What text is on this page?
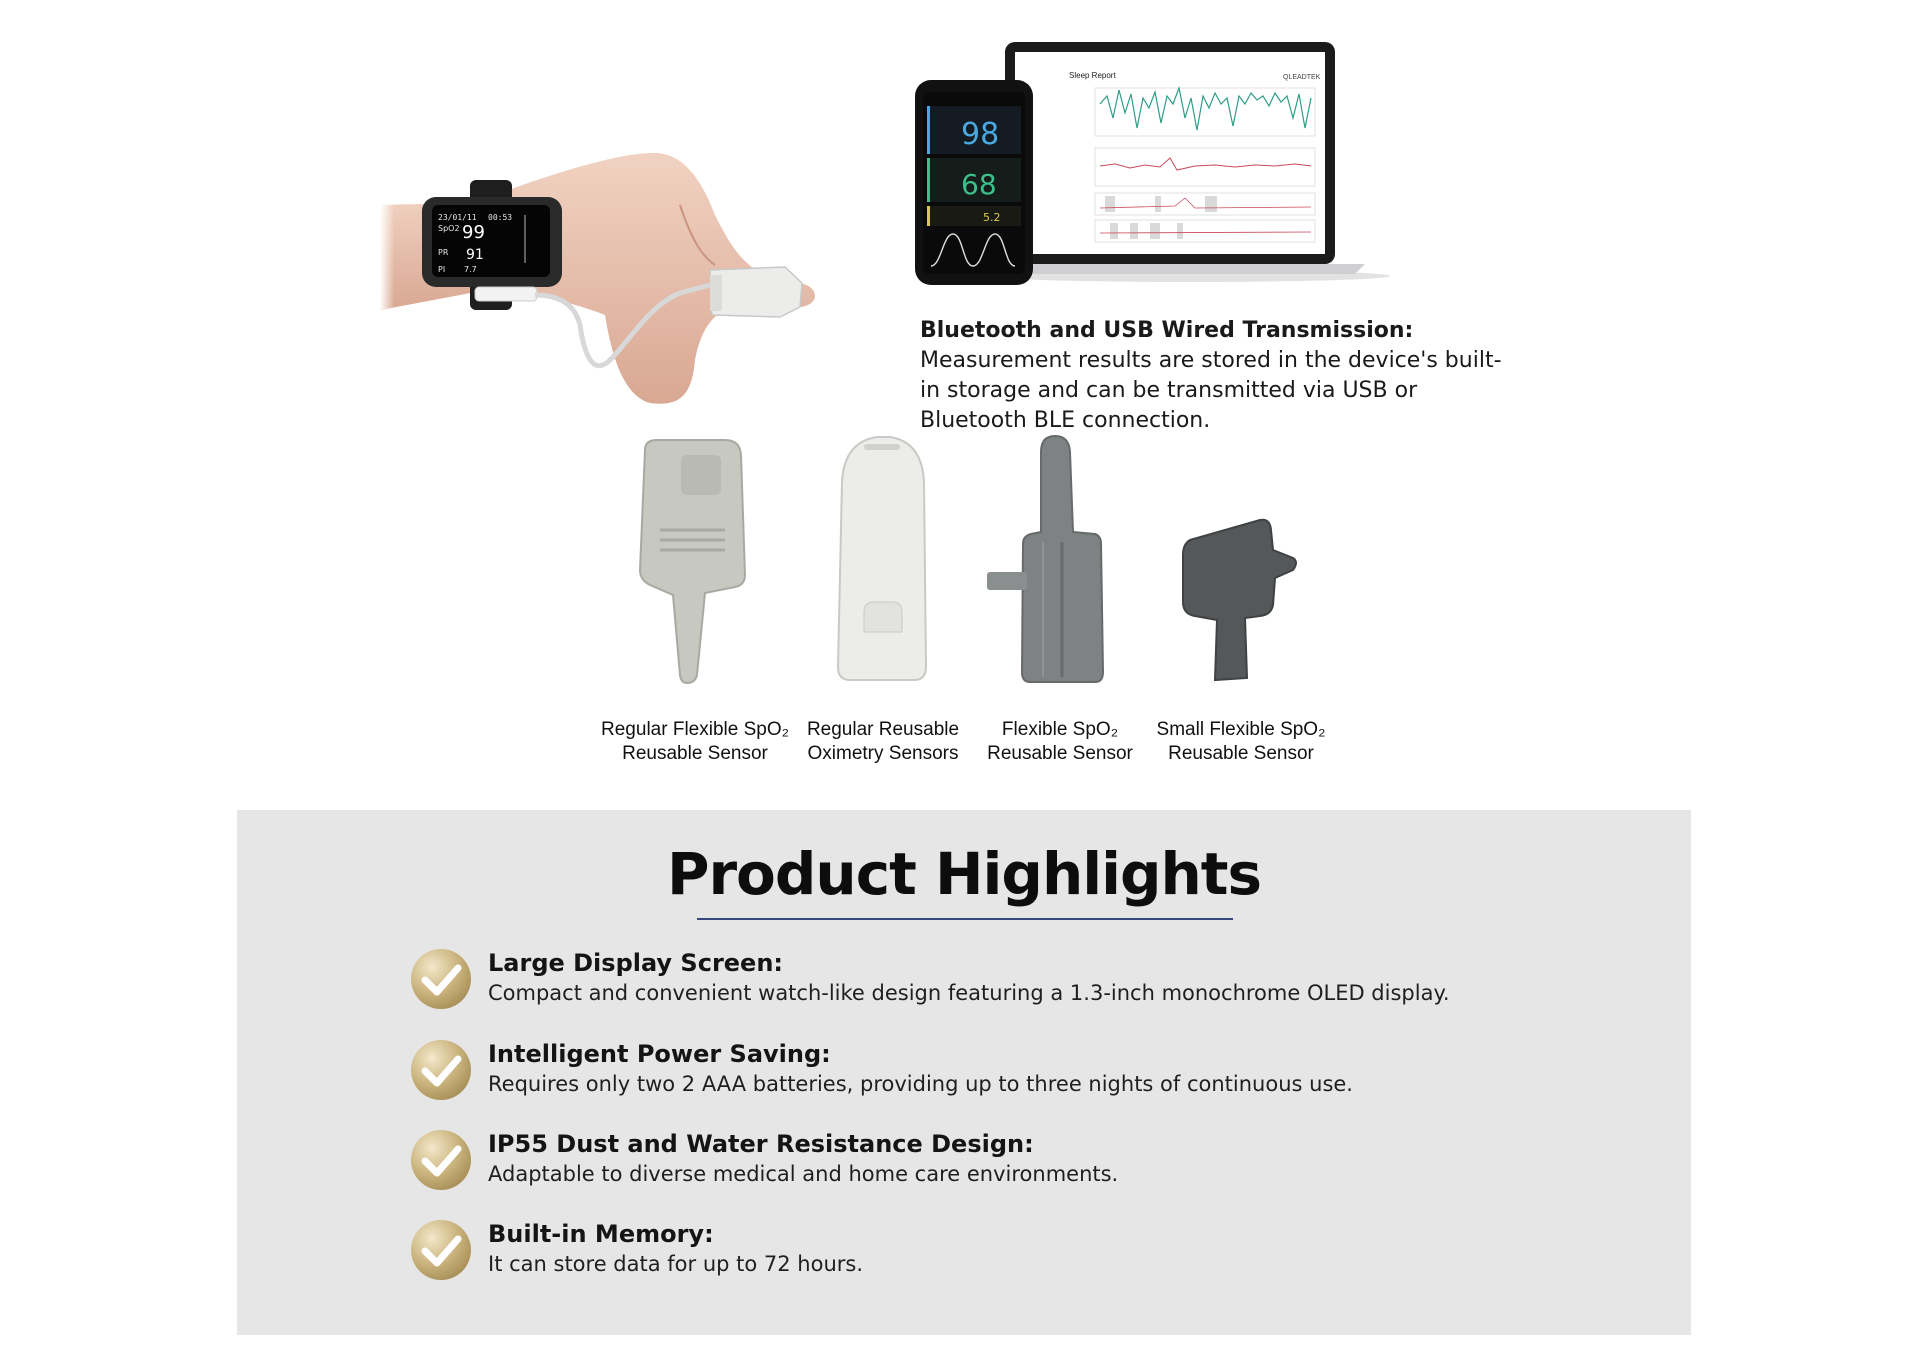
23/01/11 00:53
SpO2 99
PR 91
PI 7.7
Sleep Report	QLEADTEK
98
68
5.2

Bluetooth and USB Wired Transmission: Measurement results are stored in the device's built-in storage and can be transmitted via USB or Bluetooth BLE connection.

Regular Flexible SpO₂
Reusable Sensor
Regular Reusable
Oximetry Sensors
Flexible SpO₂
Reusable Sensor
Small Flexible SpO₂
Reusable Sensor
Product Highlights
Large Display Screen:
Compact and convenient watch-like design featuring a 1.3-inch monochrome OLED display.
Intelligent Power Saving:
Requires only two 2 AAA batteries, providing up to three nights of continuous use.
IP55 Dust and Water Resistance Design:
Adaptable to diverse medical and home care environments.
Built-in Memory:
It can store data for up to 72 hours.
